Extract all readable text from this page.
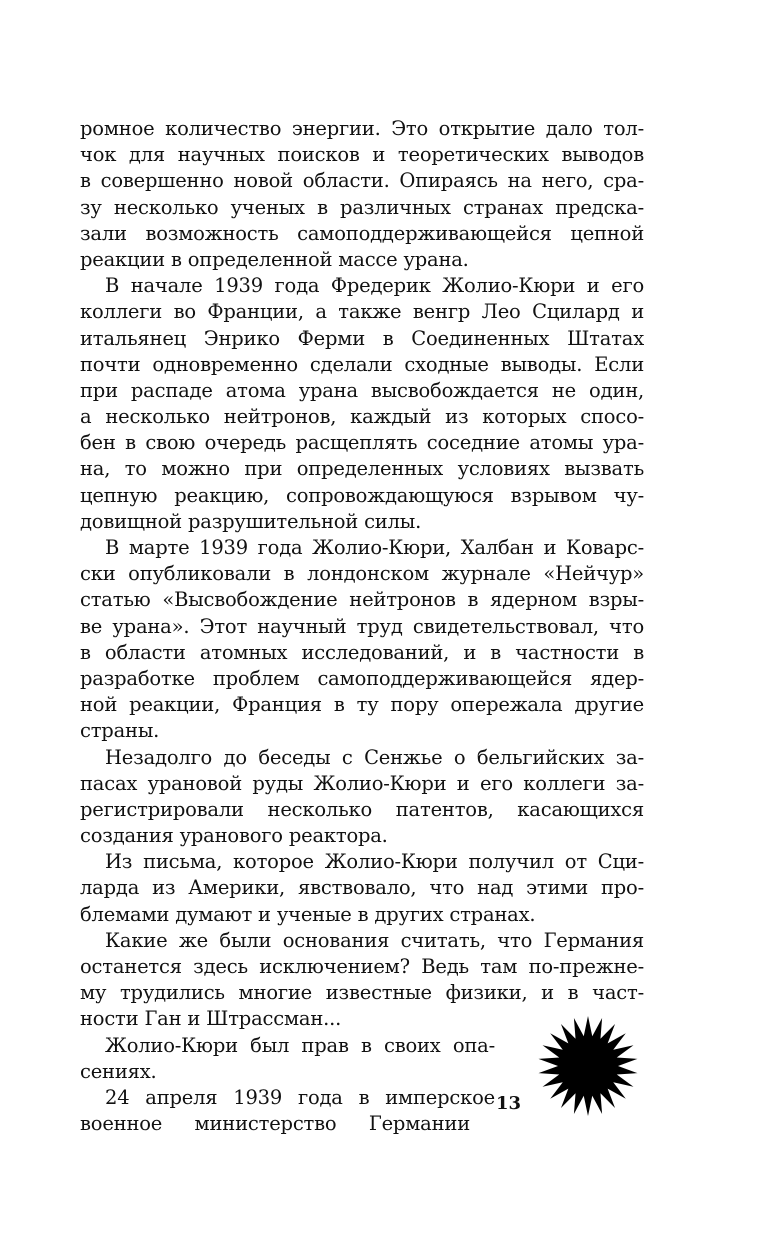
ромное количество энергии. Это открытие дало тол-
чок для научных поисков и теоретических выводов
в совершенно новой области. Опираясь на него, сра-
зу несколько ученых в различных странах предска-
зали возможность самоподдерживающейся цепной
реакции в определенной массе урана.
В начале 1939 года Фредерик Жолио-Кюри и его
коллеги во Франции, а также венгр Лео Сцилард и
итальянец Энрико Ферми в Соединенных Штатах
почти одновременно сделали сходные выводы. Если
при распаде атома урана высвобождается не один,
а несколько нейтронов, каждый из которых спосо-
бен в свою очередь расщеплять соседние атомы ура-
на, то можно при определенных условиях вызвать
цепную реакцию, сопровождающуюся взрывом чу-
довищной разрушительной силы.
В марте 1939 года Жолио-Кюри, Халбан и Коварс-
ски опубликовали в лондонском журнале «Нейчур»
статью «Высвобождение нейтронов в ядерном взры-
ве урана». Этот научный труд свидетельствовал, что
в области атомных исследований, и в частности в
разработке проблем самоподдерживающейся ядер-
ной реакции, Франция в ту пору опережала другие
страны.
Незадолго до беседы с Сенжье о бельгийских за-
пасах урановой руды Жолио-Кюри и его коллеги за-
регистрировали несколько патентов, касающихся
создания уранового реактора.
Из письма, которое Жолио-Кюри получил от Сци-
ларда из Америки, явствовало, что над этими про-
блемами думают и ученые в других странах.
Какие же были основания считать, что Германия
останется здесь исключением? Ведь там по-прежне-
му трудились многие известные физики, и в част-
ности Ган и Штрассман...
Жолио-Кюри был прав в своих опа-
сениях.
24 апреля 1939 года в имперское
военное министерство Германии
13
